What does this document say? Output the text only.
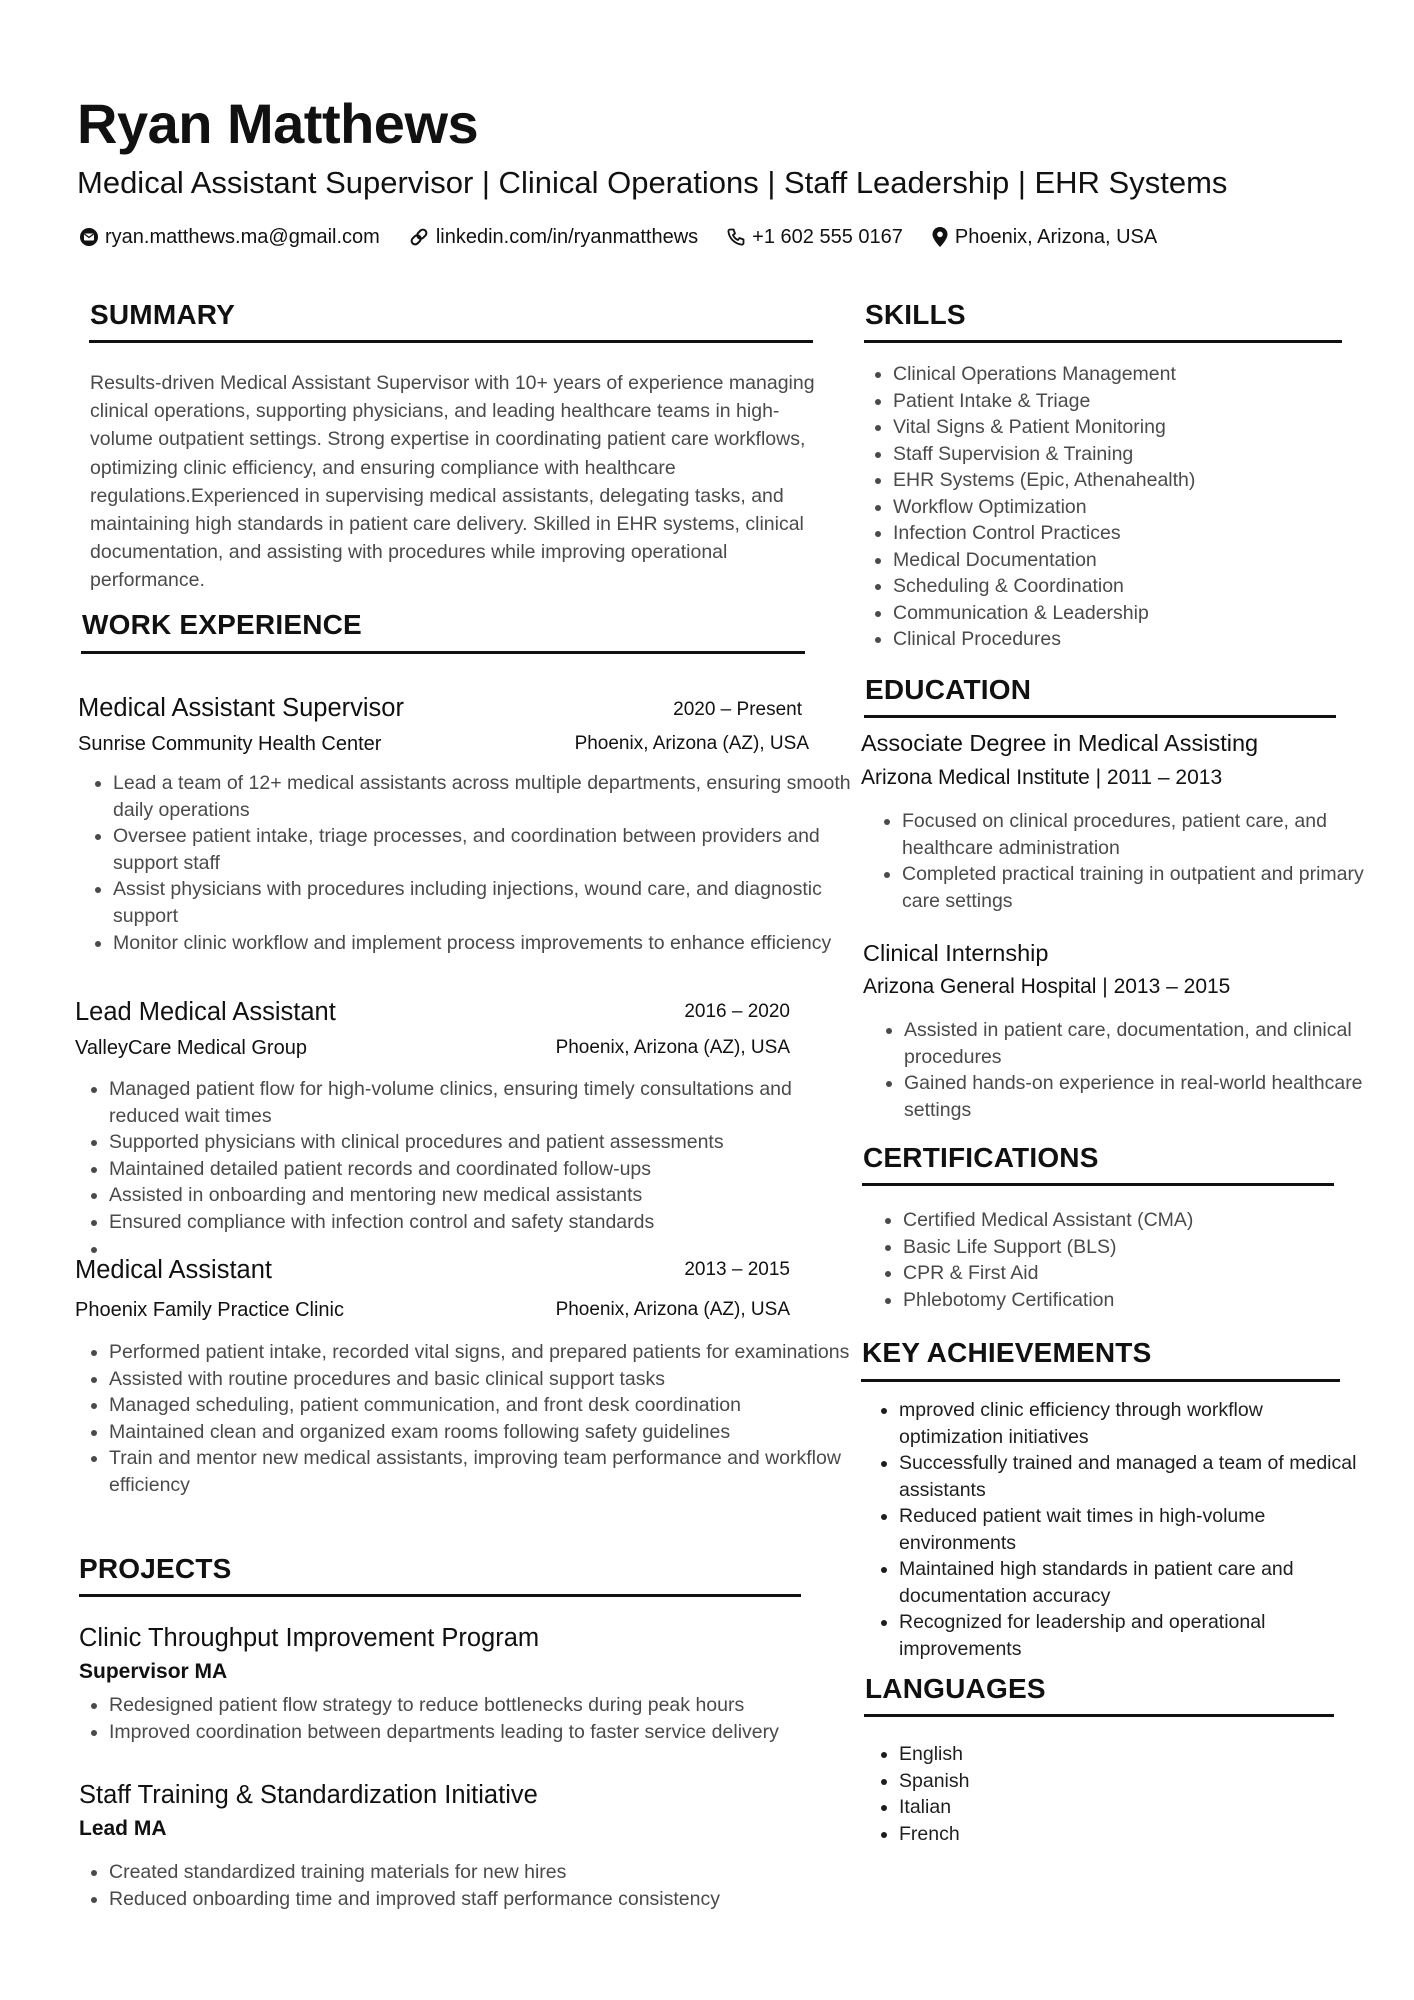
Ryan Matthews
Medical Assistant Supervisor | Clinical Operations | Staff Leadership | EHR Systems
ryan.matthews.ma@gmail.com	linkedin.com/in/ryanmatthews	+1 602 555 0167	Phoenix, Arizona, USA
SUMMARY
Results-driven Medical Assistant Supervisor with 10+ years of experience managing clinical operations, supporting physicians, and leading healthcare teams in high-volume outpatient settings. Strong expertise in coordinating patient care workflows, optimizing clinic efficiency, and ensuring compliance with healthcare regulations.Experienced in supervising medical assistants, delegating tasks, and maintaining high standards in patient care delivery. Skilled in EHR systems, clinical documentation, and assisting with procedures while improving operational performance.
WORK EXPERIENCE
Medical Assistant Supervisor	2020 – Present
Sunrise Community Health Center	Phoenix, Arizona (AZ), USA
• Lead a team of 12+ medical assistants across multiple departments, ensuring smooth daily operations
• Oversee patient intake, triage processes, and coordination between providers and support staff
• Assist physicians with procedures including injections, wound care, and diagnostic support
• Monitor clinic workflow and implement process improvements to enhance efficiency
Lead Medical Assistant	2016 – 2020
ValleyCare Medical Group	Phoenix, Arizona (AZ), USA
• Managed patient flow for high-volume clinics, ensuring timely consultations and reduced wait times
• Supported physicians with clinical procedures and patient assessments
• Maintained detailed patient records and coordinated follow-ups
• Assisted in onboarding and mentoring new medical assistants
• Ensured compliance with infection control and safety standards
•
Medical Assistant	2013 – 2015
Phoenix Family Practice Clinic	Phoenix, Arizona (AZ), USA
• Performed patient intake, recorded vital signs, and prepared patients for examinations
• Assisted with routine procedures and basic clinical support tasks
• Managed scheduling, patient communication, and front desk coordination
• Maintained clean and organized exam rooms following safety guidelines
• Train and mentor new medical assistants, improving team performance and workflow efficiency
PROJECTS
Clinic Throughput Improvement Program
Supervisor MA
• Redesigned patient flow strategy to reduce bottlenecks during peak hours
• Improved coordination between departments leading to faster service delivery
Staff Training & Standardization Initiative
Lead MA
• Created standardized training materials for new hires
• Reduced onboarding time and improved staff performance consistency
SKILLS
• Clinical Operations Management
• Patient Intake & Triage
• Vital Signs & Patient Monitoring
• Staff Supervision & Training
• EHR Systems (Epic, Athenahealth)
• Workflow Optimization
• Infection Control Practices
• Medical Documentation
• Scheduling & Coordination
• Communication & Leadership
• Clinical Procedures
EDUCATION
Associate Degree in Medical Assisting
Arizona Medical Institute | 2011 – 2013
• Focused on clinical procedures, patient care, and healthcare administration
• Completed practical training in outpatient and primary care settings
Clinical Internship
Arizona General Hospital | 2013 – 2015
• Assisted in patient care, documentation, and clinical procedures
• Gained hands-on experience in real-world healthcare settings
CERTIFICATIONS
• Certified Medical Assistant (CMA)
• Basic Life Support (BLS)
• CPR & First Aid
• Phlebotomy Certification
KEY ACHIEVEMENTS
• mproved clinic efficiency through workflow optimization initiatives
• Successfully trained and managed a team of medical assistants
• Reduced patient wait times in high-volume environments
• Maintained high standards in patient care and documentation accuracy
• Recognized for leadership and operational improvements
LANGUAGES
• English
• Spanish
• Italian
• French
